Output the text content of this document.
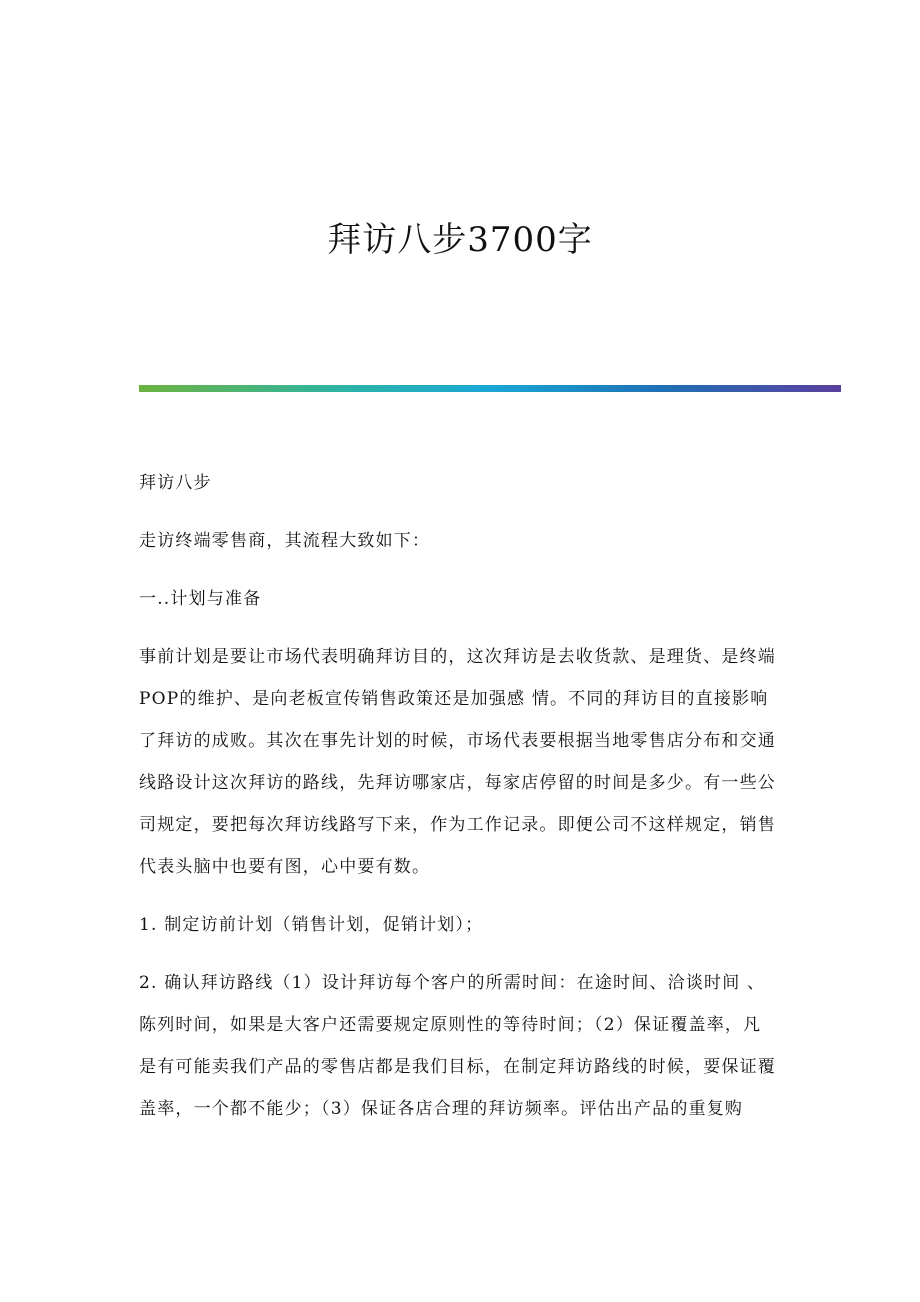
拜访八步3700字

拜访八步

走访终端零售商，其流程大致如下：

一..计划与准备

事前计划是要让市场代表明确拜访目的，这次拜访是去收货款、是理货、是终端POP的维护、是向老板宣传销售政策还是加强感 情。不同的拜访目的直接影响了拜访的成败。其次在事先计划的时候，市场代表要根据当地零售店分布和交通线路设计这次拜访的路线，先拜访哪家店，每家店停留的时间是多少。有一些公司规定，要把每次拜访线路写下来，作为工作记录。即便公司不这样规定，销售代表头脑中也要有图，心中要有数。

1. 制定访前计划（销售计划，促销计划）；

2. 确认拜访路线（1）设计拜访每个客户的所需时间：在途时间、洽谈时间 、陈列时间，如果是大客户还需要规定原则性的等待时间；（2）保证覆盖率，凡是有可能卖我们产品的零售店都是我们目标，在制定拜访路线的时候，要保证覆盖率，一个都不能少；（3）保证各店合理的拜访频率。评估出产品的重复购
